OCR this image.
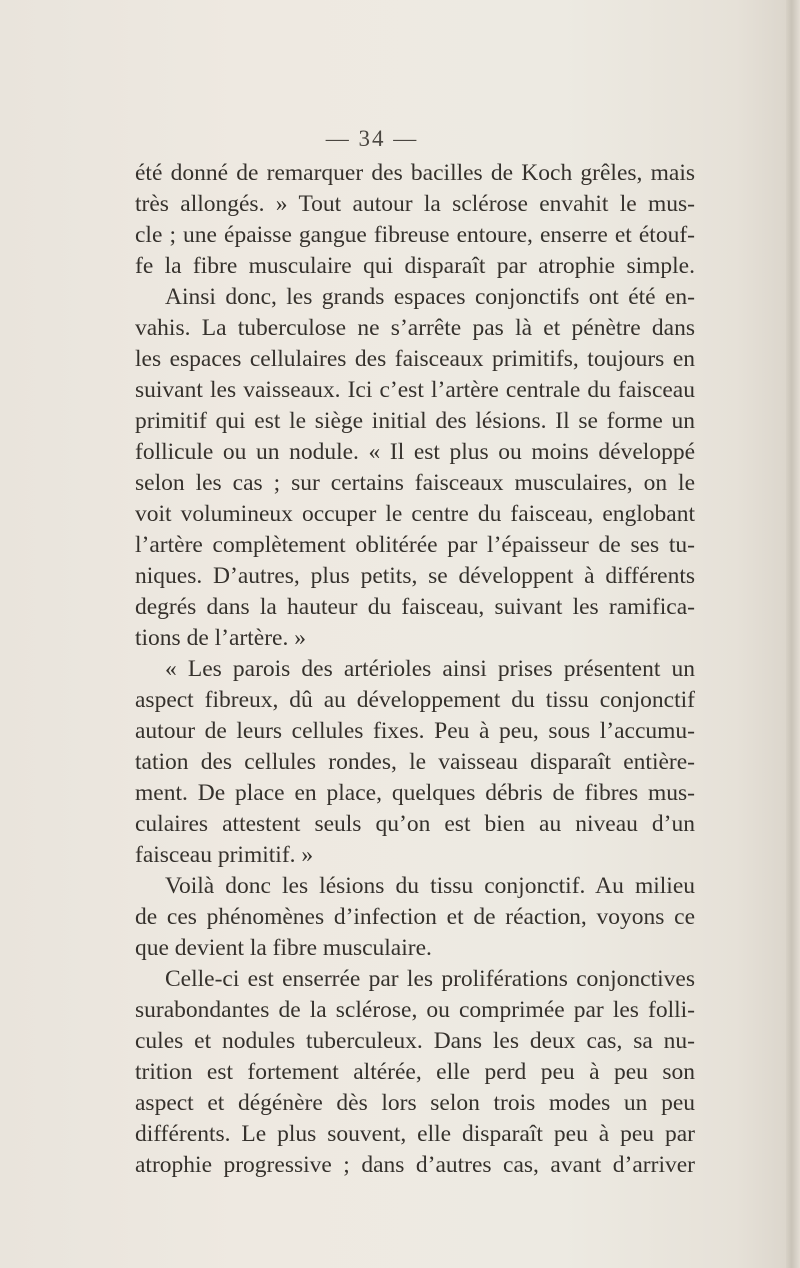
— 34 —
été donné de remarquer des bacilles de Koch grêles, mais
très allongés. » Tout autour la sclérose envahit le mus-
cle ; une épaisse gangue fibreuse entoure, enserre et étouf-
fe la fibre musculaire qui disparaît par atrophie simple.
Ainsi donc, les grands espaces conjonctifs ont été en-
vahis. La tuberculose ne s’arrête pas là et pénètre dans
les espaces cellulaires des faisceaux primitifs, toujours en
suivant les vaisseaux. Ici c’est l’artère centrale du faisceau
primitif qui est le siège initial des lésions. Il se forme un
follicule ou un nodule. « Il est plus ou moins développé
selon les cas ; sur certains faisceaux musculaires, on le
voit volumineux occuper le centre du faisceau, englobant
l’artère complètement oblitérée par l’épaisseur de ses tu-
niques. D’autres, plus petits, se développent à différents
degrés dans la hauteur du faisceau, suivant les ramifica-
tions de l’artère. »
« Les parois des artérioles ainsi prises présentent un
aspect fibreux, dû au développement du tissu conjonctif
autour de leurs cellules fixes. Peu à peu, sous l’accumu-
tation des cellules rondes, le vaisseau disparaît entière-
ment. De place en place, quelques débris de fibres mus-
culaires attestent seuls qu’on est bien au niveau d’un
faisceau primitif. »
Voilà donc les lésions du tissu conjonctif. Au milieu
de ces phénomènes d’infection et de réaction, voyons ce
que devient la fibre musculaire.
Celle-ci est enserrée par les proliférations conjonctives
surabondantes de la sclérose, ou comprimée par les folli-
cules et nodules tuberculeux. Dans les deux cas, sa nu-
trition est fortement altérée, elle perd peu à peu son
aspect et dégénère dès lors selon trois modes un peu
différents. Le plus souvent, elle disparaît peu à peu par
atrophie progressive ; dans d’autres cas, avant d’arriver
